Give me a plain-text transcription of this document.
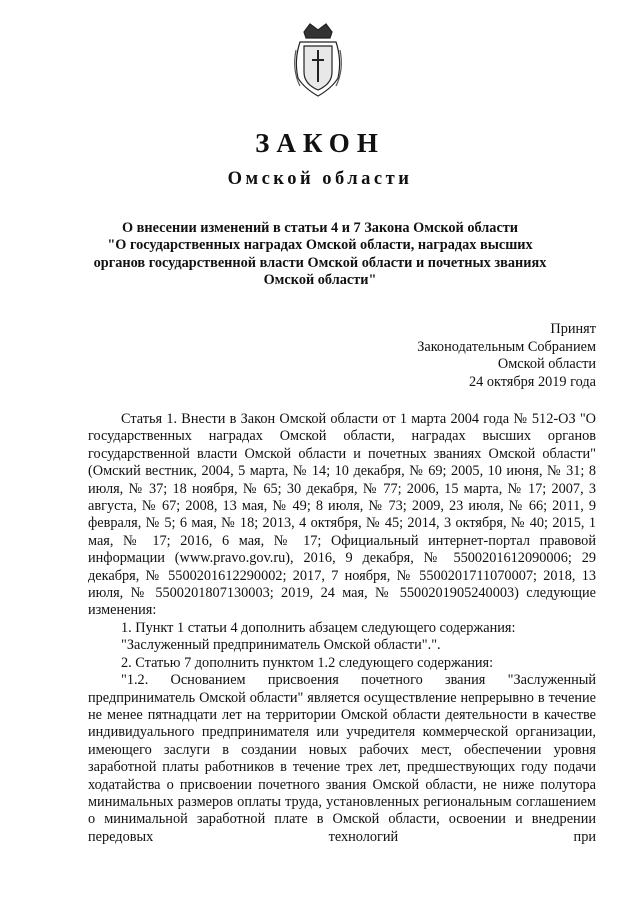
ЗАКОН
Омской области
О внесении изменений в статьи 4 и 7 Закона Омской области
"О государственных наградах Омской области, наградах высших
органов государственной власти Омской области и почетных званиях
Омской области"
Принят
Законодательным Собранием
Омской области
24 октября 2019 года

Статья 1. Внести в Закон Омской области от 1 марта 2004 года № 512-ОЗ "О государственных наградах Омской области, наградах высших органов государственной власти Омской области и почетных званиях Омской области" (Омский вестник, 2004, 5 марта, № 14; 10 декабря, № 69; 2005, 10 июня, № 31; 8 июля, № 37; 18 ноября, № 65; 30 декабря, № 77; 2006, 15 марта, № 17; 2007, 3 августа, № 67; 2008, 13 мая, № 49; 8 июля, № 73; 2009, 23 июля, № 66; 2011, 9 февраля, № 5; 6 мая, № 18; 2013, 4 октября, № 45; 2014, 3 октября, № 40; 2015, 1 мая, № 17; 2016, 6 мая, № 17; Официальный интернет-портал правовой информации (www.pravo.gov.ru), 2016, 9 декабря, № 5500201612090006; 29 декабря, № 5500201612290002; 2017, 7 ноября, № 5500201711070007; 2018, 13 июля, № 5500201807130003; 2019, 24 мая, № 5500201905240003) следующие изменения:

1. Пункт 1 статьи 4 дополнить абзацем следующего содержания:

"Заслуженный предприниматель Омской области".".

2. Статью 7 дополнить пунктом 1.2 следующего содержания:

"1.2. Основанием присвоения почетного звания "Заслуженный предприниматель Омской области" является осуществление непрерывно в течение не менее пятнадцати лет на территории Омской области деятельности в качестве индивидуального предпринимателя или учредителя коммерческой организации, имеющего заслуги в создании новых рабочих мест, обеспечении уровня заработной платы работников в течение трех лет, предшествующих году подачи ходатайства о присвоении почетного звания Омской области, не ниже полутора минимальных размеров оплаты труда, установленных региональным соглашением о минимальной заработной плате в Омской области, освоении и внедрении передовых технологий при
